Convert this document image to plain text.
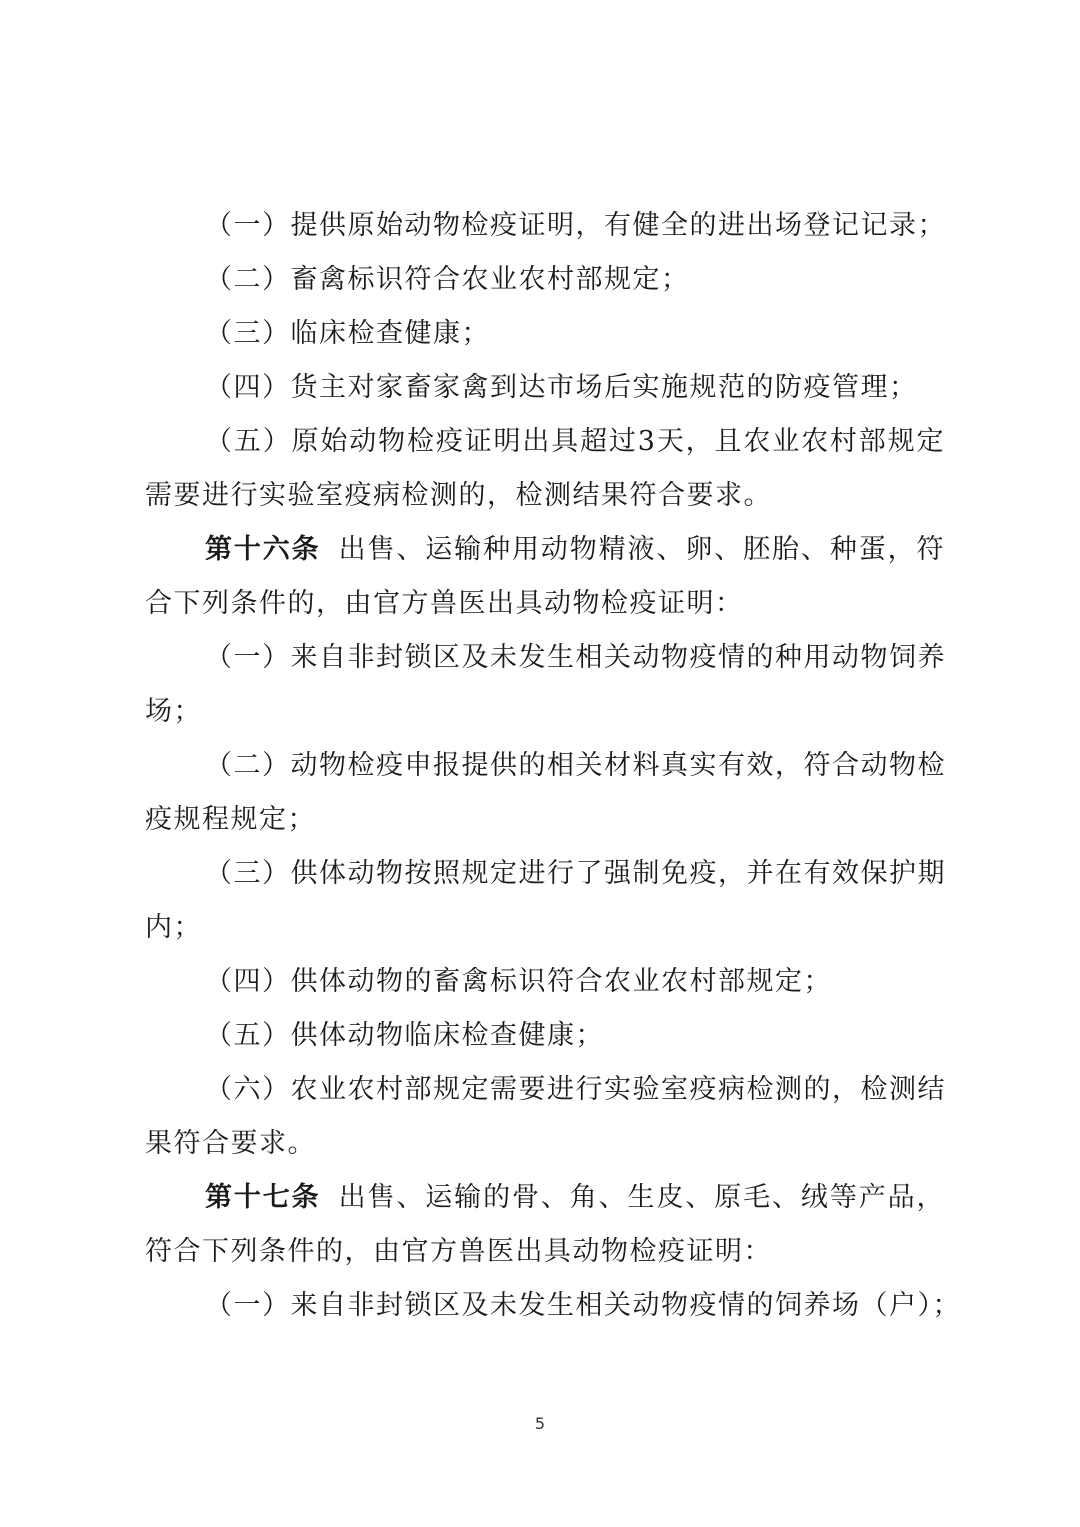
（一）提供原始动物检疫证明，有健全的进出场登记记录；
（二）畜禽标识符合农业农村部规定；
（三）临床检查健康；
（四）货主对家畜家禽到达市场后实施规范的防疫管理；
（五）原始动物检疫证明出具超过3天，且农业农村部规定
需要进行实验室疫病检测的，检测结果符合要求。
第十六条 出售、运输种用动物精液、卵、胚胎、种蛋，符
合下列条件的，由官方兽医出具动物检疫证明：
（一）来自非封锁区及未发生相关动物疫情的种用动物饲养
场；
（二）动物检疫申报提供的相关材料真实有效，符合动物检
疫规程规定；
（三）供体动物按照规定进行了强制免疫，并在有效保护期
内；
（四）供体动物的畜禽标识符合农业农村部规定；
（五）供体动物临床检查健康；
（六）农业农村部规定需要进行实验室疫病检测的，检测结
果符合要求。
第十七条 出售、运输的骨、角、生皮、原毛、绒等产品，
符合下列条件的，由官方兽医出具动物检疫证明：
（一）来自非封锁区及未发生相关动物疫情的饲养场（户）；
5
